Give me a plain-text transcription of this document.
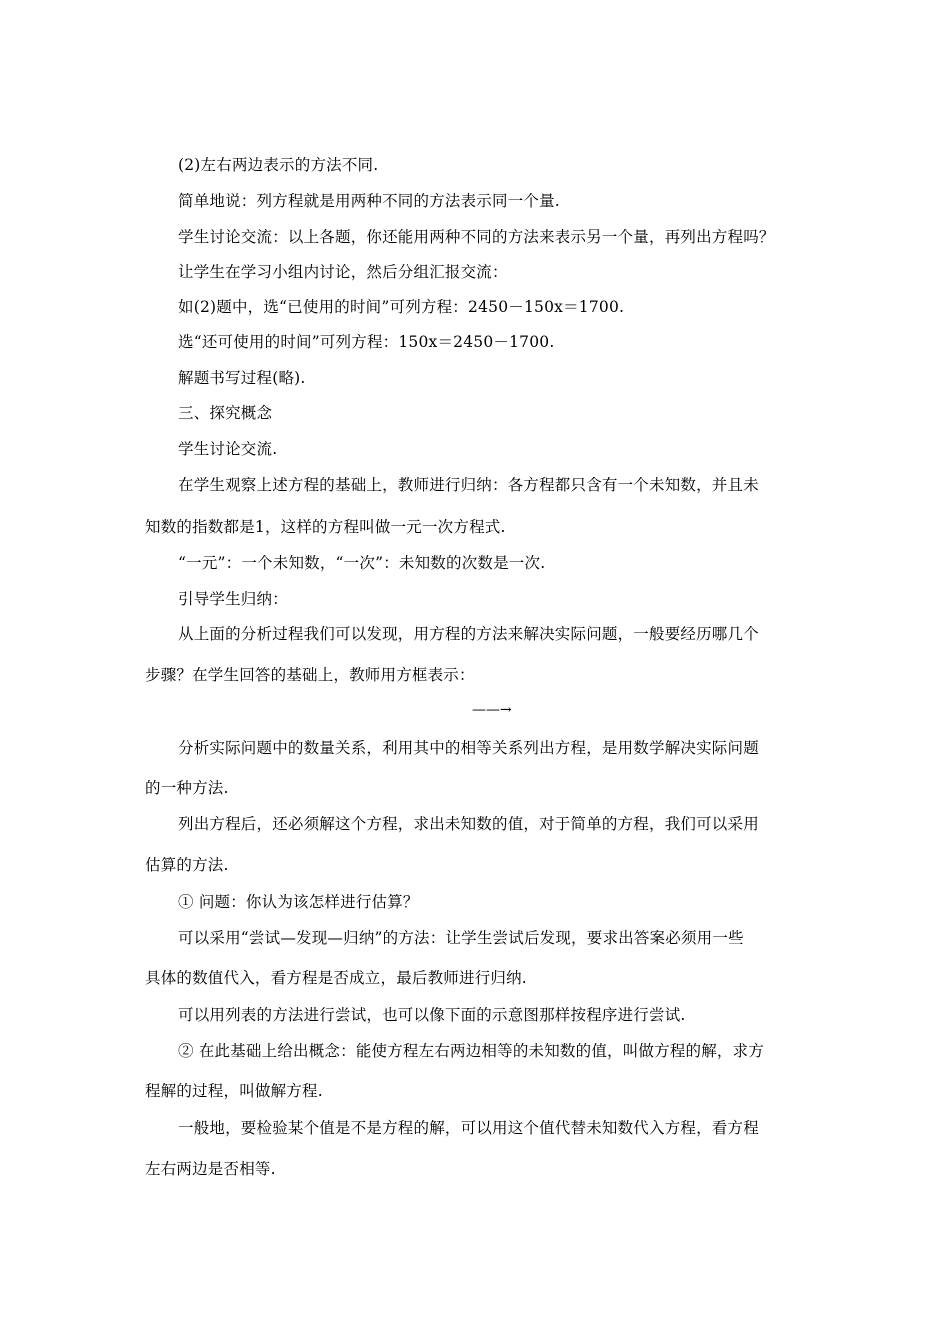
(2)左右两边表示的方法不同.
简单地说：列方程就是用两种不同的方法表示同一个量.
学生讨论交流：以上各题，你还能用两种不同的方法来表示另一个量，再列出方程吗？
让学生在学习小组内讨论，然后分组汇报交流：
如(2)题中，选“已使用的时间”可列方程：2450－150x＝1700.
选“还可使用的时间”可列方程：150x＝2450－1700.
解题书写过程(略).
三、探究概念
学生讨论交流.
在学生观察上述方程的基础上，教师进行归纳：各方程都只含有一个未知数，并且未
知数的指数都是1，这样的方程叫做一元一次方程式.
“一元”：一个未知数，“一次”：未知数的次数是一次.
引导学生归纳：
从上面的分析过程我们可以发现，用方程的方法来解决实际问题，一般要经历哪几个
步骤？在学生回答的基础上，教师用方框表示：
——→
分析实际问题中的数量关系，利用其中的相等关系列出方程，是用数学解决实际问题
的一种方法.
列出方程后，还必须解这个方程，求出未知数的值，对于简单的方程，我们可以采用
估算的方法.
① 问题：你认为该怎样进行估算？
可以采用“尝试—发现—归纳”的方法：让学生尝试后发现，要求出答案必须用一些
具体的数值代入，看方程是否成立，最后教师进行归纳.
可以用列表的方法进行尝试，也可以像下面的示意图那样按程序进行尝试.
② 在此基础上给出概念：能使方程左右两边相等的未知数的值，叫做方程的解，求方
程解的过程，叫做解方程.
一般地，要检验某个值是不是方程的解，可以用这个值代替未知数代入方程，看方程
左右两边是否相等.
